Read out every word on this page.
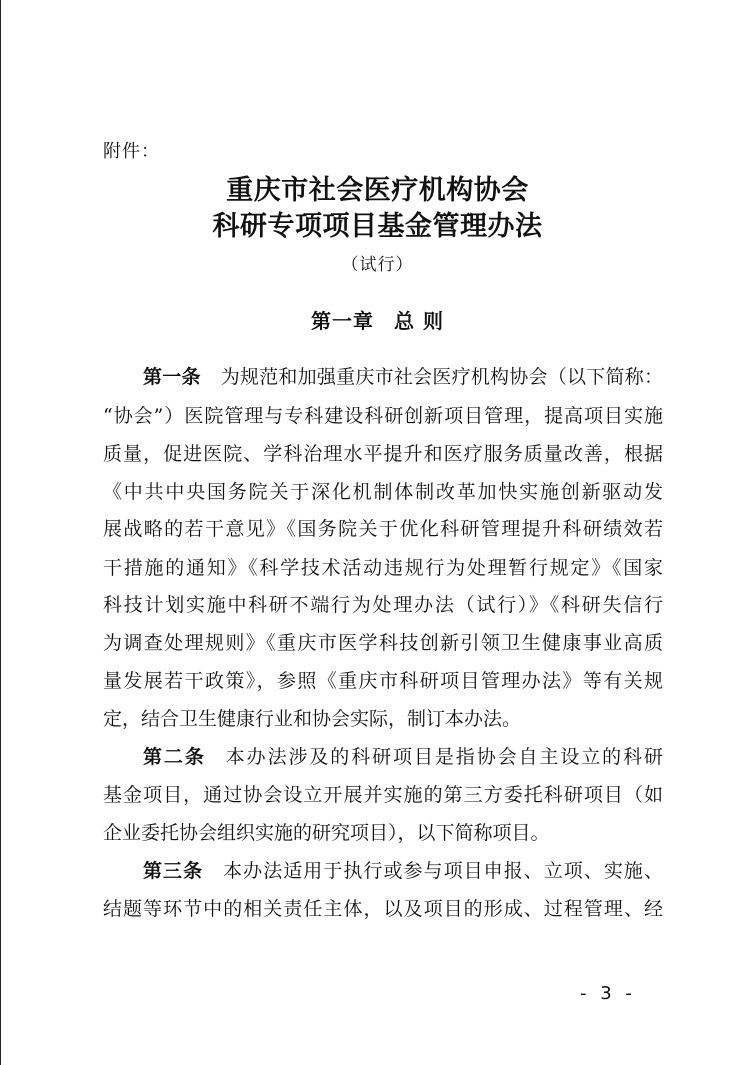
附件：
重庆市社会医疗机构协会
科研专项项目基金管理办法
（试行）
第一章 总 则
第一条 为规范和加强重庆市社会医疗机构协会（以下简称：
“协会”）医院管理与专科建设科研创新项目管理，提高项目实施
质量，促进医院、学科治理水平提升和医疗服务质量改善，根据
《中共中央国务院关于深化机制体制改革加快实施创新驱动发
展战略的若干意见》《国务院关于优化科研管理提升科研绩效若
干措施的通知》《科学技术活动违规行为处理暂行规定》《国家
科技计划实施中科研不端行为处理办法（试行）》《科研失信行
为调查处理规则》《重庆市医学科技创新引领卫生健康事业高质
量发展若干政策》，参照《重庆市科研项目管理办法》等有关规
定，结合卫生健康行业和协会实际，制订本办法。
第二条 本办法涉及的科研项目是指协会自主设立的科研
基金项目，通过协会设立开展并实施的第三方委托科研项目（如
企业委托协会组织实施的研究项目），以下简称项目。
第三条 本办法适用于执行或参与项目申报、立项、实施、
结题等环节中的相关责任主体，以及项目的形成、过程管理、经
- 3 -
